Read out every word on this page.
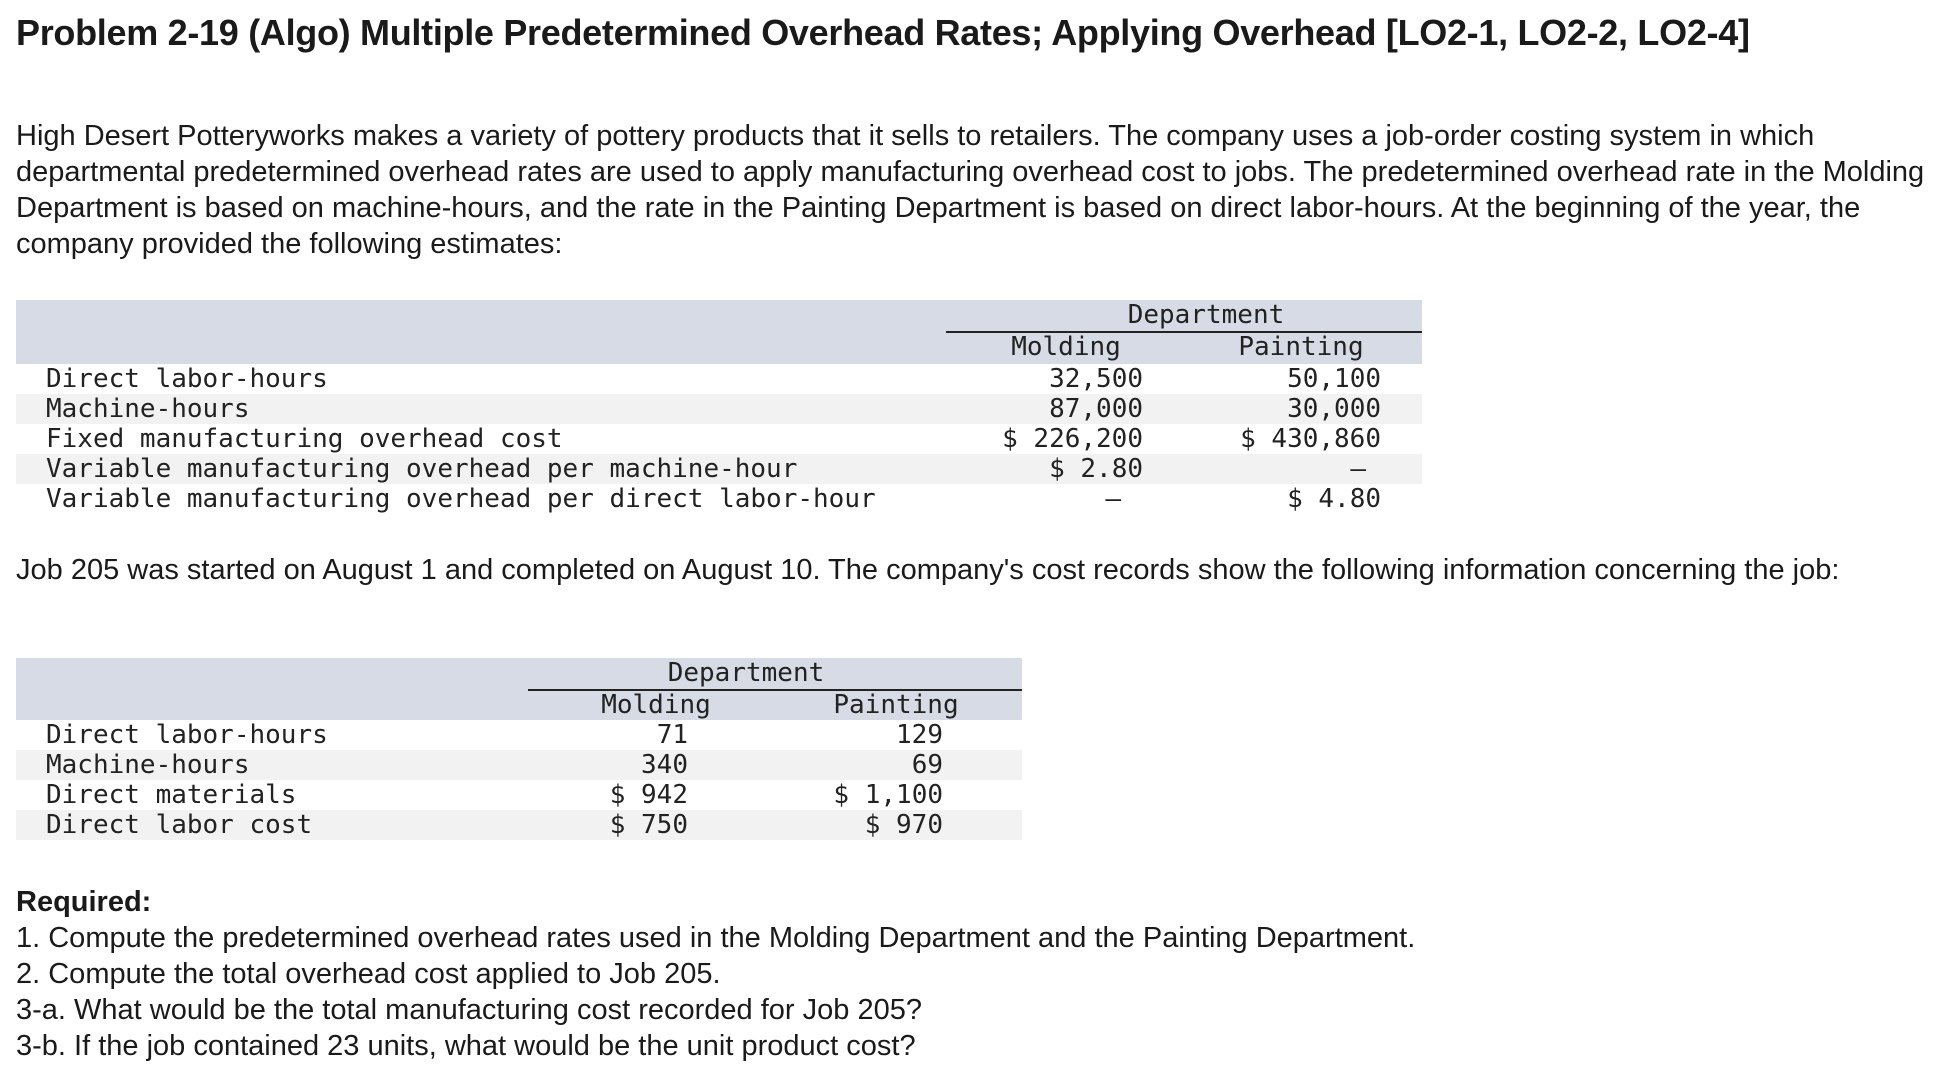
Problem 2-19 (Algo) Multiple Predetermined Overhead Rates; Applying Overhead [LO2-1, LO2-2, LO2-4]
High Desert Potteryworks makes a variety of pottery products that it sells to retailers. The company uses a job-order costing system in which departmental predetermined overhead rates are used to apply manufacturing overhead cost to jobs. The predetermined overhead rate in the Molding Department is based on machine-hours, and the rate in the Painting Department is based on direct labor-hours. At the beginning of the year, the company provided the following estimates:
Department
Molding	Painting
Direct labor-hours	32,500	50,100
Machine-hours	87,000	30,000
Fixed manufacturing overhead cost	$ 226,200	$ 430,860
Variable manufacturing overhead per machine-hour	$ 2.80	–
Variable manufacturing overhead per direct labor-hour	–	$ 4.80
Job 205 was started on August 1 and completed on August 10. The company's cost records show the following information concerning the job:
Department
Molding	Painting
Direct labor-hours	71	129
Machine-hours	340	69
Direct materials	$ 942	$ 1,100
Direct labor cost	$ 750	$ 970
Required:
1. Compute the predetermined overhead rates used in the Molding Department and the Painting Department.
2. Compute the total overhead cost applied to Job 205.
3-a. What would be the total manufacturing cost recorded for Job 205?
3-b. If the job contained 23 units, what would be the unit product cost?
